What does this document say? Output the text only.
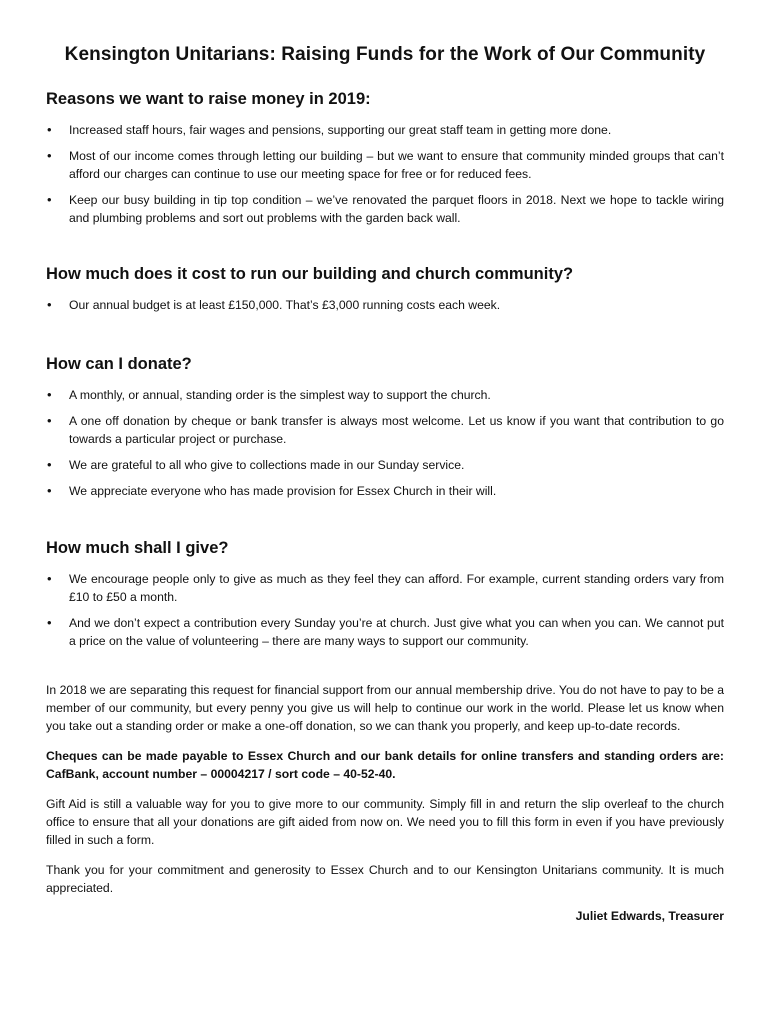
Kensington Unitarians: Raising Funds for the Work of Our Community
Reasons we want to raise money in 2019:
• Increased staff hours, fair wages and pensions, supporting our great staff team in getting more done.
• Most of our income comes through letting our building – but we want to ensure that community minded groups that can’t afford our charges can continue to use our meeting space for free or for reduced fees.
• Keep our busy building in tip top condition – we’ve renovated the parquet floors in 2018. Next we hope to tackle wiring and plumbing problems and sort out problems with the garden back wall.
How much does it cost to run our building and church community?
• Our annual budget is at least £150,000. That’s £3,000 running costs each week.
How can I donate?
• A monthly, or annual, standing order is the simplest way to support the church.
• A one off donation by cheque or bank transfer is always most welcome. Let us know if you want that contribution to go towards a particular project or purchase.
• We are grateful to all who give to collections made in our Sunday service.
• We appreciate everyone who has made provision for Essex Church in their will.
How much shall I give?
• We encourage people only to give as much as they feel they can afford. For example, current standing orders vary from £10 to £50 a month.
• And we don’t expect a contribution every Sunday you’re at church. Just give what you can when you can. We cannot put a price on the value of volunteering – there are many ways to support our community.

In 2018 we are separating this request for financial support from our annual membership drive. You do not have to pay to be a member of our community, but every penny you give us will help to continue our work in the world. Please let us know when you take out a standing order or make a one-off donation, so we can thank you properly, and keep up-to-date records.

Cheques can be made payable to Essex Church and our bank details for online transfers and standing orders are: CafBank, account number – 00004217 / sort code – 40-52-40.

Gift Aid is still a valuable way for you to give more to our community. Simply fill in and return the slip overleaf to the church office to ensure that all your donations are gift aided from now on. We need you to fill this form in even if you have previously filled in such a form.

Thank you for your commitment and generosity to Essex Church and to our Kensington Unitarians community. It is much appreciated.

Juliet Edwards, Treasurer
